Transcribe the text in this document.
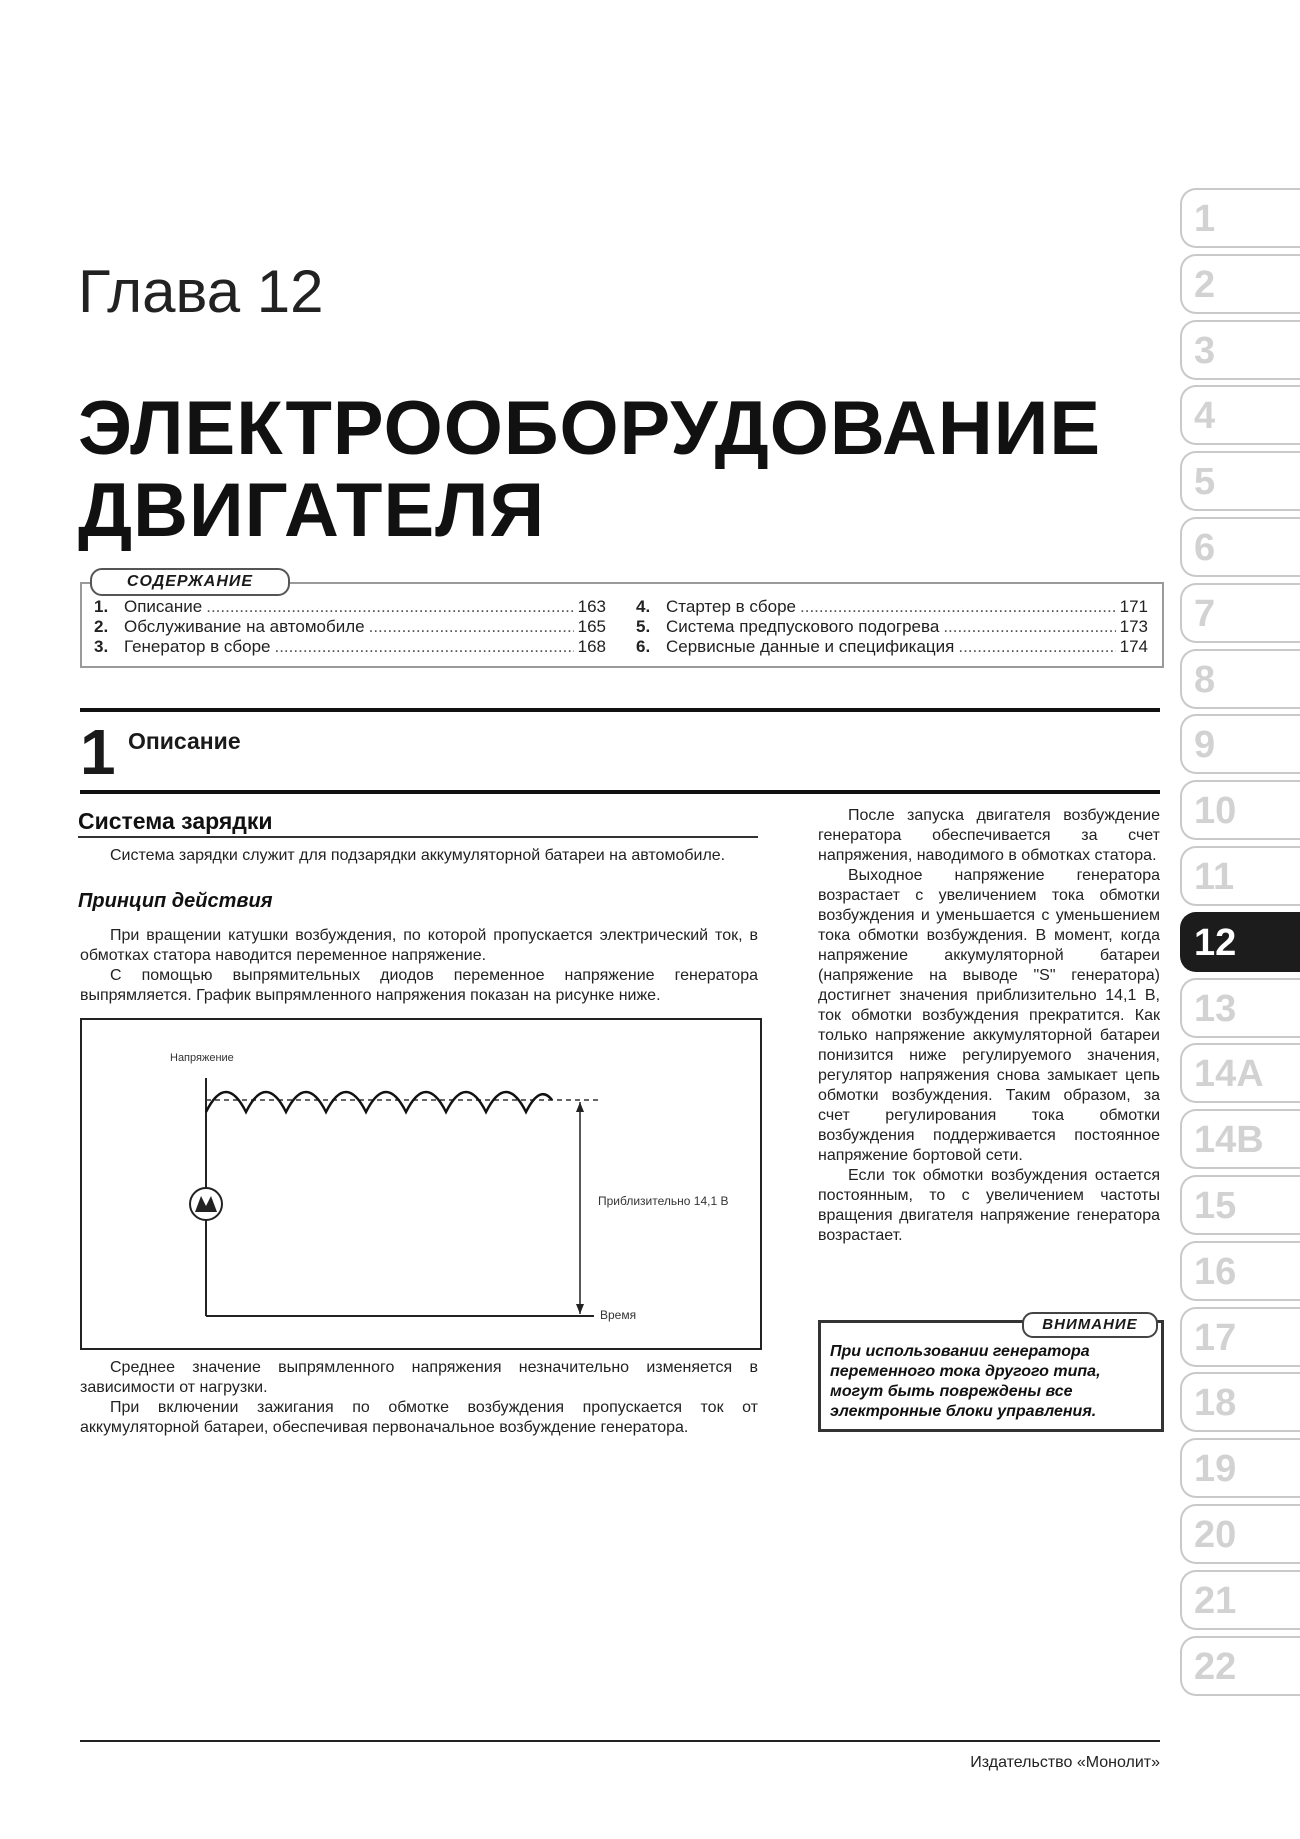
Глава 12
ЭЛЕКТРООБОРУДОВАНИЕ
ДВИГАТЕЛЯ
СОДЕРЖАНИЕ
1. Описание .....	163
2. Обслуживание на автомобиле .....	165
3. Генератор в сборе .....	168
4. Стартер в сборе .....	171
5. Система предпускового подогрева .....	173
6. Сервисные данные и спецификация .....	174
1 Описание
Система зарядки

Система зарядки служит для подзарядки аккумуляторной батареи на автомобиле.

Принцип действия

При вращении катушки возбуждения, по которой пропускается электрический ток, в обмотках статора наводится переменное напряжение.

С помощью выпрямительных диодов переменное напряжение генератора выпрямляется. График выпрямленного напряжения показан на рисунке ниже.

Напряжение
Приблизительно 14,1 В
Время

Среднее значение выпрямленного напряжения незначительно изменяется в зависимости от нагрузки.

При включении зажигания по обмотке возбуждения пропускается ток от аккумуляторной батареи, обеспечивая первоначальное возбуждение генератора.

После запуска двигателя возбуждение генератора обеспечивается за счет напряжения, наводимого в обмотках статора.

Выходное напряжение генератора возрастает с увеличением тока обмотки возбуждения и уменьшается с уменьшением тока обмотки возбуждения. В момент, когда напряжение аккумуляторной батареи (напряжение на выводе "S" генератора) достигнет значения приблизительно 14,1 В, ток обмотки возбуждения прекратится. Как только напряжение аккумуляторной батареи понизится ниже регулируемого значения, регулятор напряжения снова замыкает цепь обмотки возбуждения. Таким образом, за счет регулирования тока обмотки возбуждения поддерживается постоянное напряжение бортовой сети.

Если ток обмотки возбуждения остается постоянным, то с увеличением частоты вращения двигателя напряжение генератора возрастает.

ВНИМАНИЕ
При использовании генератора
переменного тока другого типа,
могут быть повреждены все
электронные блоки управления.
1
2
3
4
5
6
7
8
9
10
11
12
13
14A
14B
15
16
17
18
19
20
21
22
Издательство «Монолит»
